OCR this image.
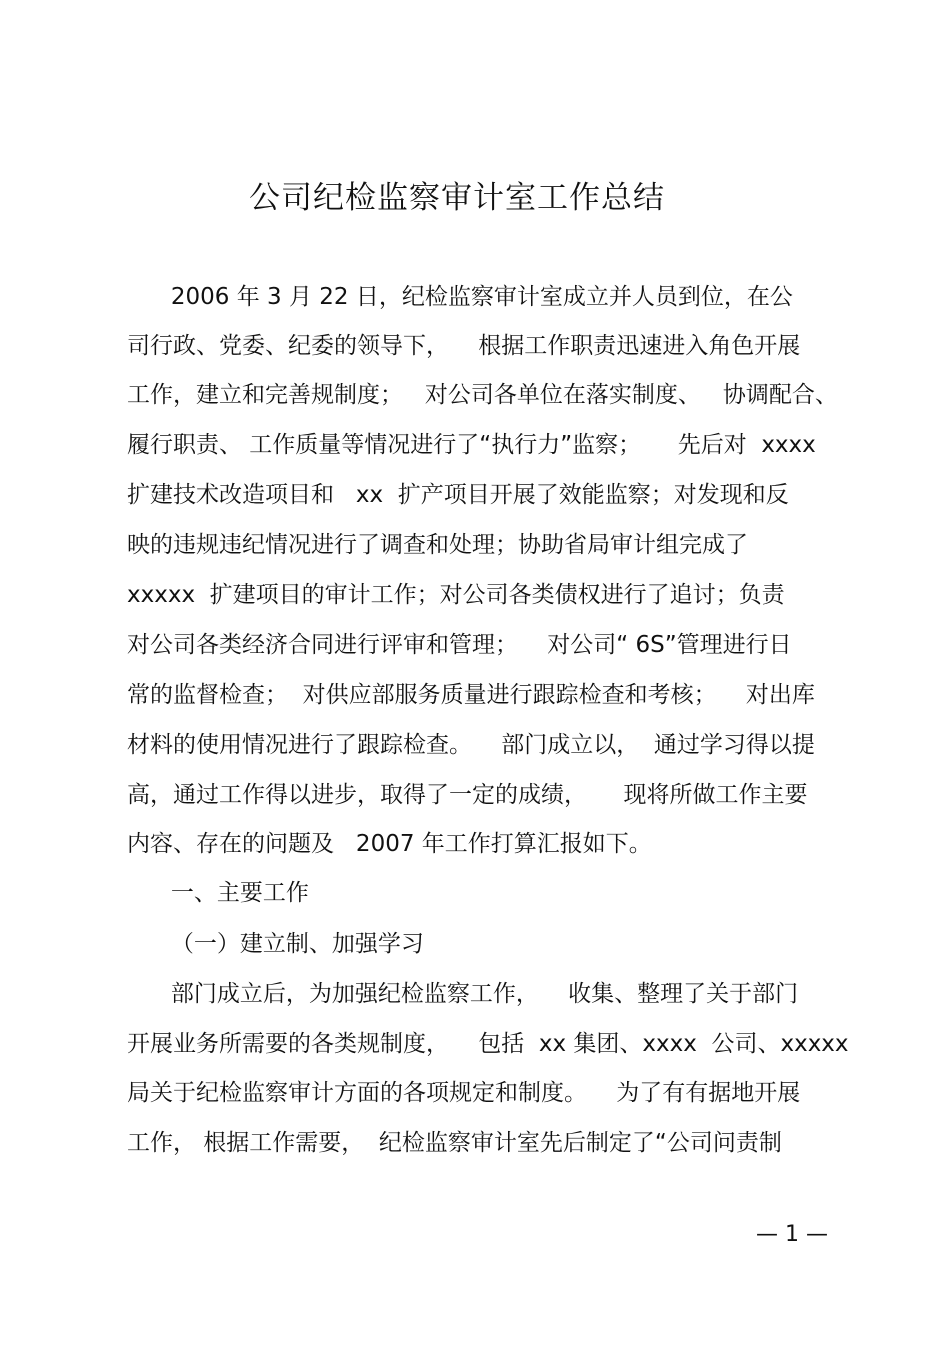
公司纪检监察审计室工作总结
2006 年 3 月 22 日，纪检监察审计室成立并人员到位，在公
司行政、党委、纪委的领导下，    根据工作职责迅速进入角色开展
工作，建立和完善规制度；   对公司各单位在落实制度、   协调配合、
履行职责、 工作质量等情况进行了“执行力”监察；     先后对  xxxx
扩建技术改造项目和   xx  扩产项目开展了效能监察；对发现和反
映的违规违纪情况进行了调查和处理；协助省局审计组完成了
xxxxx  扩建项目的审计工作；对公司各类债权进行了追讨；负责
对公司各类经济合同进行评审和管理；    对公司“ 6S”管理进行日
常的监督检查；  对供应部服务质量进行跟踪检查和考核；    对出库
材料的使用情况进行了跟踪检查。    部门成立以，  通过学习得以提
高，通过工作得以进步，取得了一定的成绩，     现将所做工作主要
内容、存在的问题及   2007 年工作打算汇报如下。
一、主要工作
（一）建立制、加强学习
部门成立后，为加强纪检监察工作，    收集、整理了关于部门
开展业务所需要的各类规制度，    包括  xx 集团、xxxx  公司、xxxxx
局关于纪检监察审计方面的各项规定和制度。    为了有有据地开展
工作， 根据工作需要，  纪检监察审计室先后制定了“公司问责制
— 1 —
